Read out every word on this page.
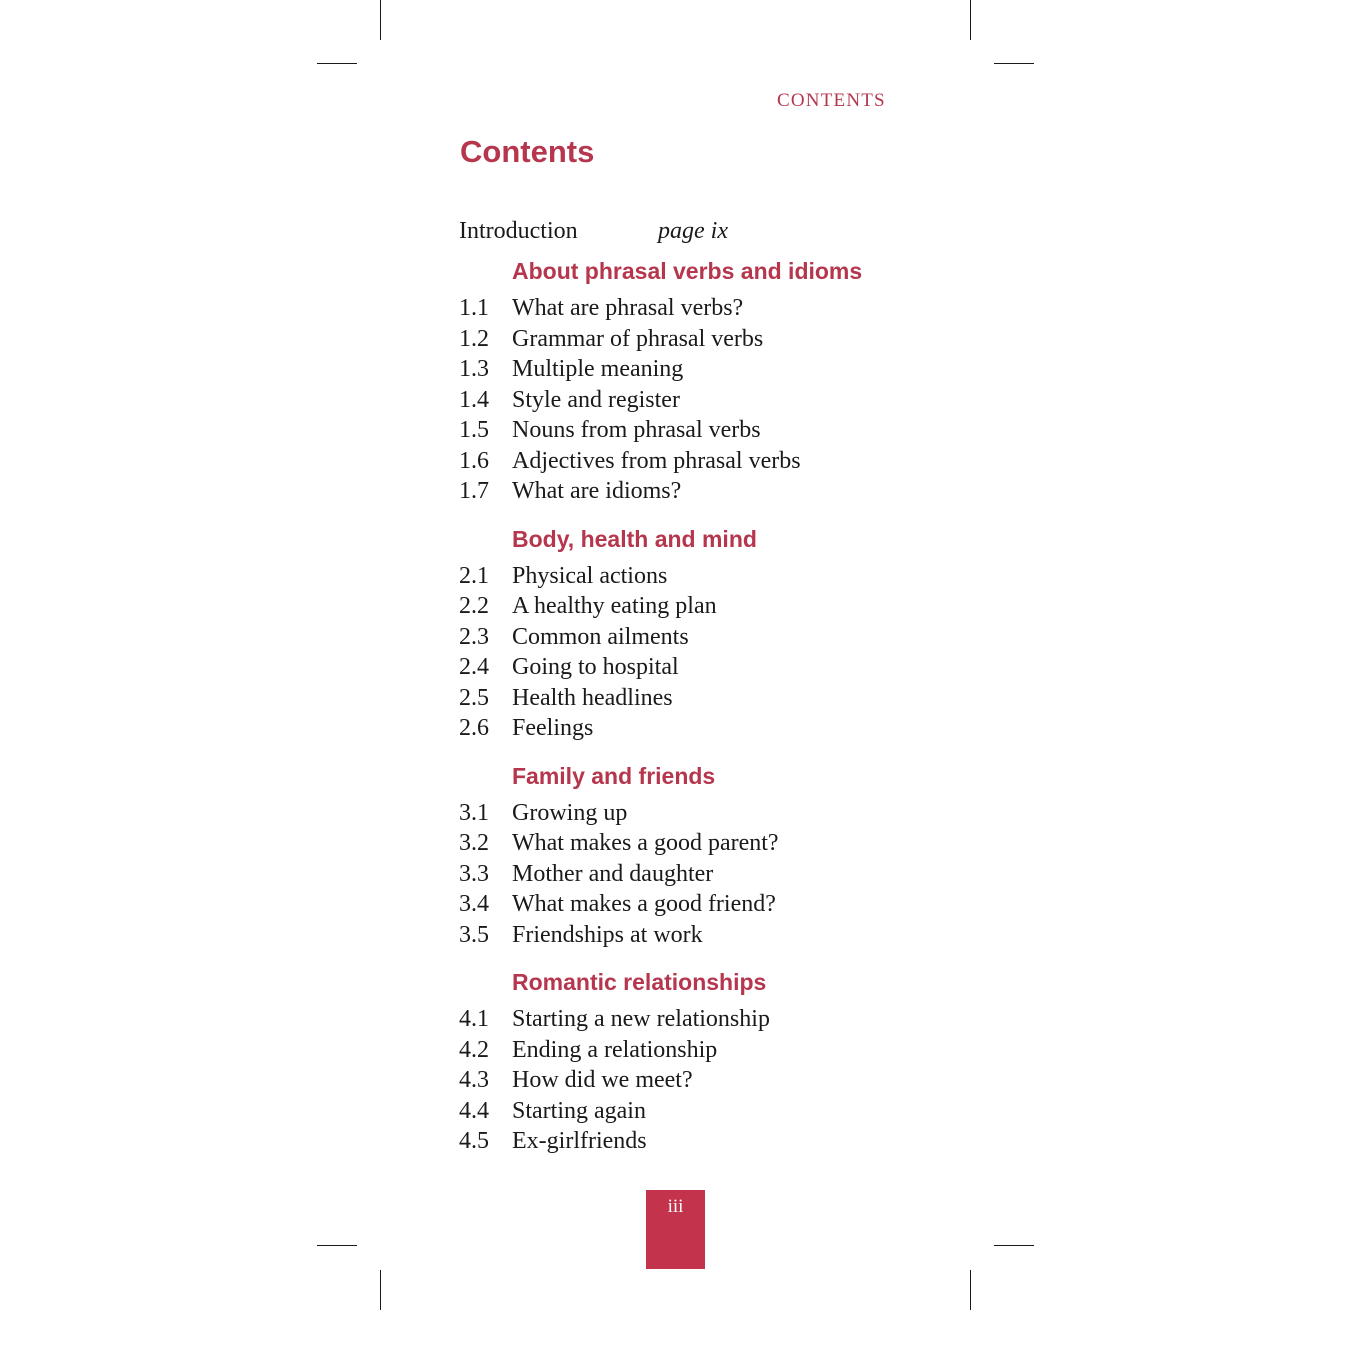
CONTENTS
Contents
Introduction	page ix
About phrasal verbs and idioms
1.1 What are phrasal verbs?
1.2 Grammar of phrasal verbs
1.3 Multiple meaning
1.4 Style and register
1.5 Nouns from phrasal verbs
1.6 Adjectives from phrasal verbs
1.7 What are idioms?
Body, health and mind
2.1 Physical actions
2.2 A healthy eating plan
2.3 Common ailments
2.4 Going to hospital
2.5 Health headlines
2.6 Feelings
Family and friends
3.1 Growing up
3.2 What makes a good parent?
3.3 Mother and daughter
3.4 What makes a good friend?
3.5 Friendships at work
Romantic relationships
4.1 Starting a new relationship
4.2 Ending a relationship
4.3 How did we meet?
4.4 Starting again
4.5 Ex-girlfriends
iii
